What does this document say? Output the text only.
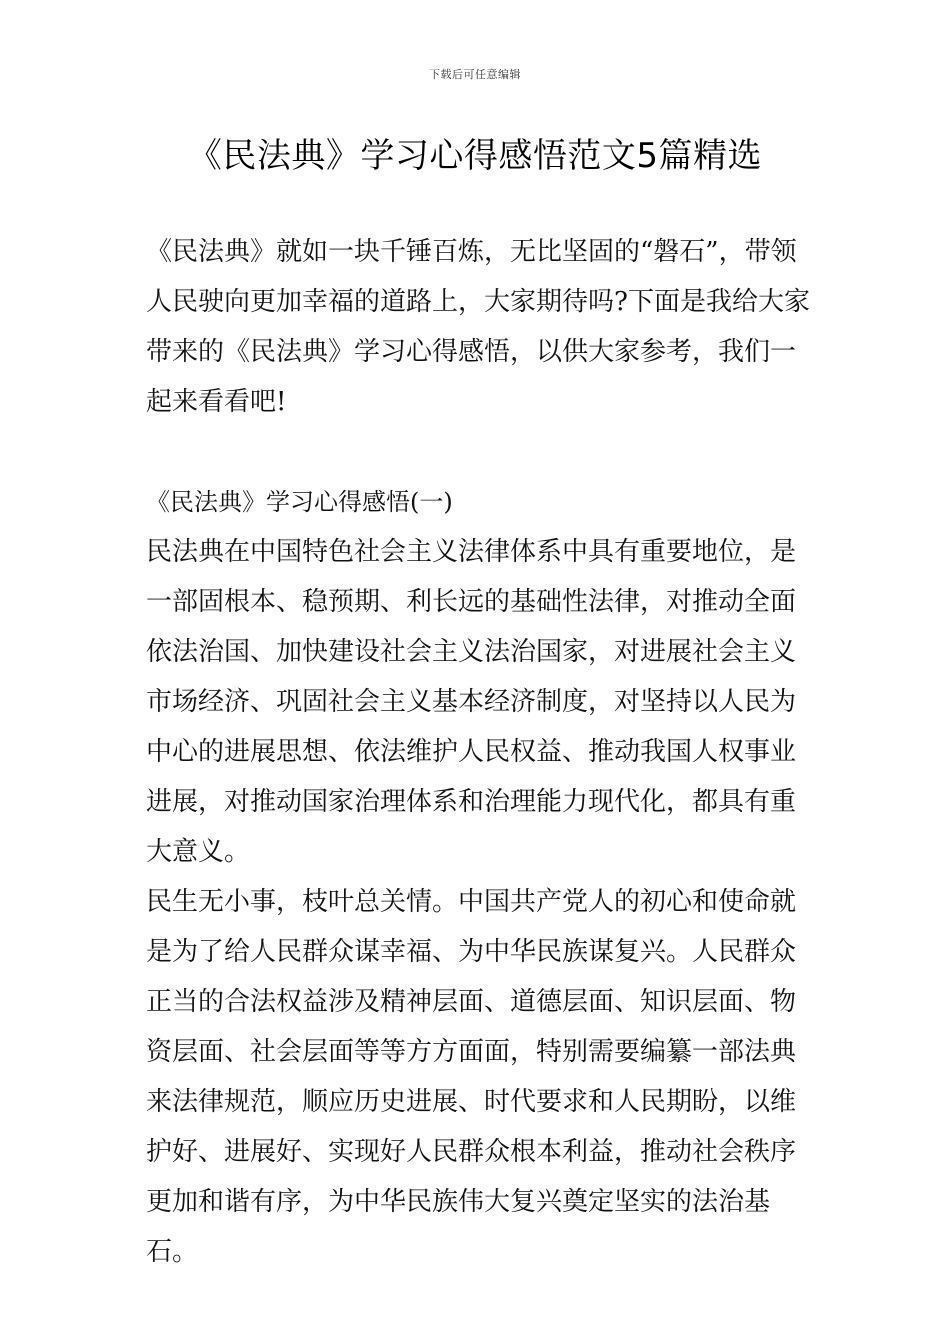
下载后可任意编辑
《民法典》学习心得感悟范文5篇精选

《民法典》就如一块千锤百炼，无比坚固的“磐石”，带领人民驶向更加幸福的道路上，大家期待吗?下面是我给大家带来的《民法典》学习心得感悟，以供大家参考，我们一起来看看吧!

《民法典》学习心得感悟(一)

民法典在中国特色社会主义法律体系中具有重要地位，是一部固根本、稳预期、利长远的基础性法律，对推动全面依法治国、加快建设社会主义法治国家，对进展社会主义市场经济、巩固社会主义基本经济制度，对坚持以人民为中心的进展思想、依法维护人民权益、推动我国人权事业进展，对推动国家治理体系和治理能力现代化，都具有重大意义。

民生无小事，枝叶总关情。中国共产党人的初心和使命就是为了给人民群众谋幸福、为中华民族谋复兴。人民群众正当的合法权益涉及精神层面、道德层面、知识层面、物资层面、社会层面等等方方面面，特别需要编纂一部法典来法律规范，顺应历史进展、时代要求和人民期盼，以维护好、进展好、实现好人民群众根本利益，推动社会秩序更加和谐有序，为中华民族伟大复兴奠定坚实的法治基石。
